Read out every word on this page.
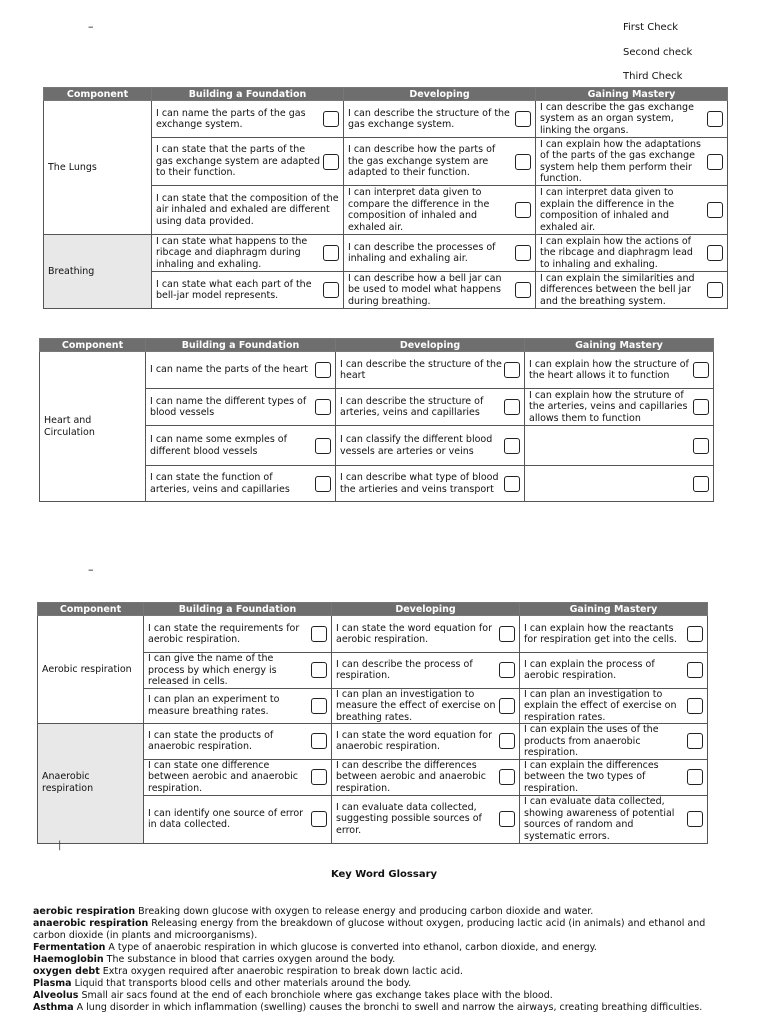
–	First Check
Second check
Third Check
Component	Building a Foundation	Developing	Gaining Mastery
The Lungs	I can name the parts of the gas exchange system.	I can describe the structure of the gas exchange system.	I can describe the gas exchange system as an organ system, linking the organs.

	I can state that the parts of the gas exchange system are adapted to their function.	I can describe how the parts of the gas exchange system are adapted to their function.	I can explain how the adaptations of the parts of the gas exchange system help them perform their function.

	I can state that the composition of the air inhaled and exhaled are different using data provided.	I can interpret data given to compare the difference in the composition of inhaled and exhaled air.	I can interpret data given to explain the difference in the composition of inhaled and exhaled air.

Breathing	I can state what happens to the ribcage and diaphragm during inhaling and exhaling.	I can describe the processes of inhaling and exhaling air.	I can explain how the actions of the ribcage and diaphragm lead to inhaling and exhaling.

	I can state what each part of the bell-jar model represents.	I can describe how a bell jar can be used to model what happens during breathing.	I can explain the similarities and differences between the bell jar and the breathing system.
Component	Building a Foundation	Developing	Gaining Mastery
Heart and Circulation	I can name the parts of the heart	I can describe the structure of the heart	I can explain how the structure of the heart allows it to function

	I can name the different types of blood vessels	I can describe the structure of arteries, veins and capillaries	I can explain how the struture of the arteries, veins and capillaries allows them to function

	I can name some exmples of different blood vessels	I can classify the different blood vessels are arteries or veins	

	I can state the function of arteries, veins and capillaries	I can describe what type of blood the artieries and veins transport	

–
Component	Building a Foundation	Developing	Gaining Mastery
Aerobic respiration	I can state the requirements for aerobic respiration.	I can state the word equation for aerobic respiration.	I can explain how the reactants for respiration get into the cells.

	I can give the name of the process by which energy is released in cells.	I can describe the process of respiration.	I can explain the process of aerobic respiration.

	I can plan an experiment to measure breathing rates.	I can plan an investigation to measure the effect of exercise on breathing rates.	I can plan an investigation to explain the effect of exercise on respiration rates.

Anaerobic respiration	I can state the products of anaerobic respiration.	I can state the word equation for anaerobic respiration.	I can explain the uses of the products from anaerobic respiration.

	I can state one difference between aerobic and anaerobic respiration.	I can describe the differences between aerobic and anaerobic respiration.	I can explain the differences between the two types of respiration.

	I can identify one source of error in data collected.	I can evaluate data collected, suggesting possible sources of error.	I can evaluate data collected, showing awareness of potential sources of random and systematic errors.
|
Key Word Glossary

aerobic respiration Breaking down glucose with oxygen to release energy and producing carbon dioxide and water.

anaerobic respiration Releasing energy from the breakdown of glucose without oxygen, producing lactic acid (in animals) and ethanol and carbon dioxide (in plants and microorganisms).

Fermentation A type of anaerobic respiration in which glucose is converted into ethanol, carbon dioxide, and energy.

Haemoglobin The substance in blood that carries oxygen around the body.

oxygen debt Extra oxygen required after anaerobic respiration to break down lactic acid.

Plasma Liquid that transports blood cells and other materials around the body.

Alveolus Small air sacs found at the end of each bronchiole where gas exchange takes place with the blood.

Asthma A lung disorder in which inflammation (swelling) causes the bronchi to swell and narrow the airways, creating breathing difficulties.
